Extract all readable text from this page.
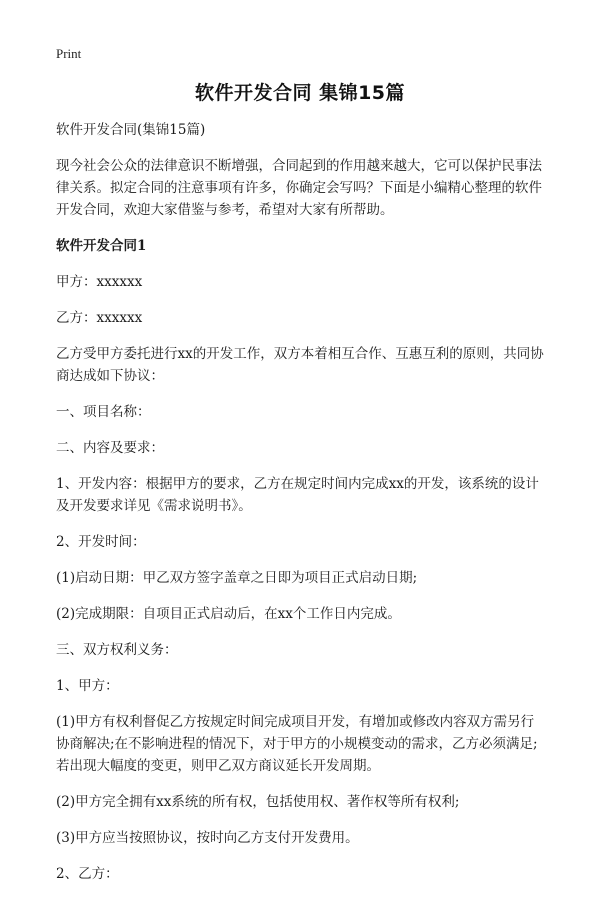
Print
软件开发合同 集锦15篇

软件开发合同(集锦15篇)

现今社会公众的法律意识不断增强，合同起到的作用越来越大，它可以保护民事法律关系。拟定合同的注意事项有许多，你确定会写吗？下面是小编精心整理的软件开发合同，欢迎大家借鉴与参考，希望对大家有所帮助。

软件开发合同1

甲方：xxxxxx

乙方：xxxxxx

乙方受甲方委托进行xx的开发工作，双方本着相互合作、互惠互利的原则，共同协商达成如下协议：

一、项目名称：

二、内容及要求：

1、开发内容：根据甲方的要求，乙方在规定时间内完成xx的开发，该系统的设计及开发要求详见《需求说明书》。

2、开发时间：

(1)启动日期：甲乙双方签字盖章之日即为项目正式启动日期;

(2)完成期限：自项目正式启动后，在xx个工作日内完成。

三、双方权利义务：

1、甲方：

(1)甲方有权利督促乙方按规定时间完成项目开发，有增加或修改内容双方需另行协商解决;在不影响进程的情况下，对于甲方的小规模变动的需求，乙方必须满足;若出现大幅度的变更，则甲乙双方商议延长开发周期。

(2)甲方完全拥有xx系统的所有权，包括使用权、著作权等所有权利;

(3)甲方应当按照协议，按时向乙方支付开发费用。

2、乙方：
